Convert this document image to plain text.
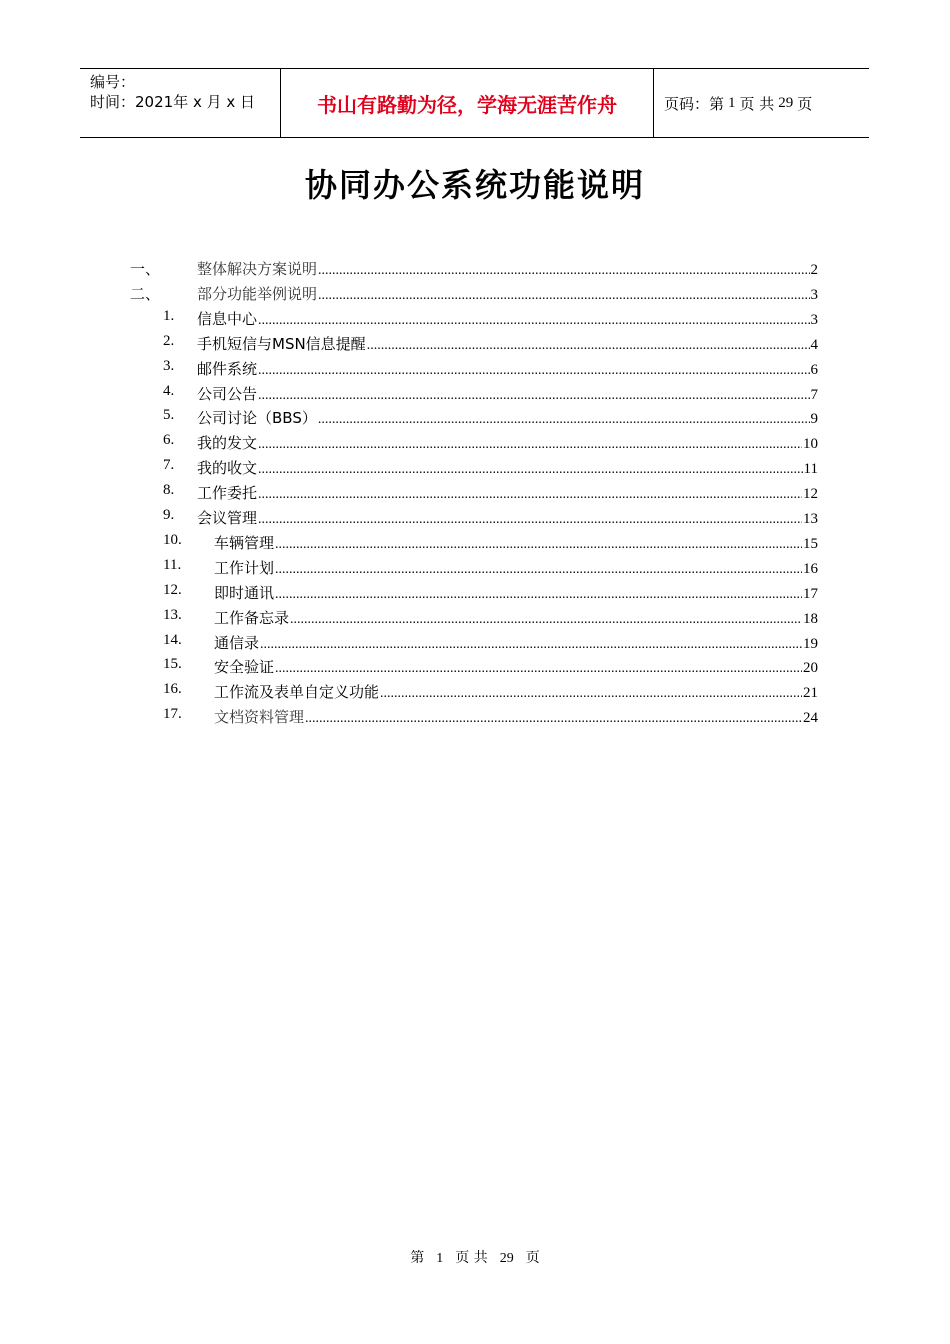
编号：
时间：2021年 x 月 x 日	书山有路勤为径，学海无涯苦作舟	页码：第 1 页 共 29 页
协同办公系统功能说明
一、 整体解决方案说明 .....	2
二、 部分功能举例说明 .....	3
1. 信息中心 .....	3
2. 手机短信与MSN信息提醒 .....	4
3. 邮件系统 .....	6
4. 公司公告 .....	7
5. 公司讨论（BBS） .....	9
6. 我的发文 .....	10
7. 我的收文 .....	11
8. 工作委托 .....	12
9. 会议管理 .....	13
10. 车辆管理 .....	15
11. 工作计划 .....	16
12. 即时通讯 .....	17
13. 工作备忘录 .....	18
14. 通信录 .....	19
15. 安全验证 .....	20
16. 工作流及表单自定义功能 .....	21
17. 文档资料管理 .....	24
第 1 页 共 29 页
